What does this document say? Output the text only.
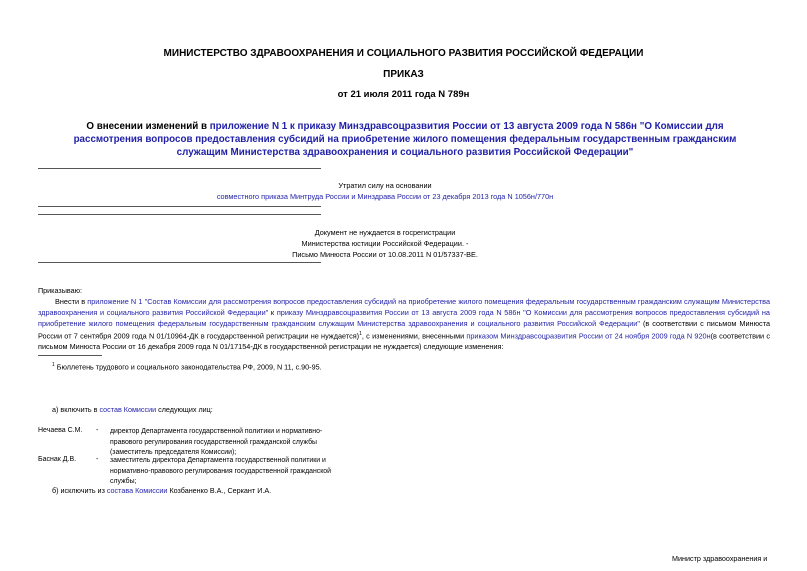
МИНИСТЕРСТВО ЗДРАВООХРАНЕНИЯ И СОЦИАЛЬНОГО РАЗВИТИЯ РОССИЙСКОЙ ФЕДЕРАЦИИ
ПРИКАЗ
от 21 июля 2011 года N 789н
О внесении изменений в приложение N 1 к приказу Минздравсоцразвития России от 13 августа 2009 года N 586н "О Комиссии для рассмотрения вопросов предоставления субсидий на приобретение жилого помещения федеральным государственным гражданским служащим Министерства здравоохранения и социального развития Российской Федерации"
Утратил силу на основании
совместного приказа Минтруда России и Минздрава России от 23 декабря 2013 года N 1056н/770н
Документ не нуждается в госрегистрации
Министерства юстиции Российской Федерации. -
Письмо Минюста России от 10.08.2011 N 01/57337-ВЕ.
Приказываю:
Внести в приложение N 1 "Состав Комиссии для рассмотрения вопросов предоставления субсидий на приобретение жилого помещения федеральным государственным гражданским служащим Министерства здравоохранения и социального развития Российской Федерации" к приказу Минздравсоцразвития России от 13 августа 2009 года N 586н "О Комиссии для рассмотрения вопросов предоставления субсидий на приобретение жилого помещения федеральным государственным гражданским служащим Министерства здравоохранения и социального развития Российской Федерации" (в соответствии с письмом Минюста России от 7 сентября 2009 года N 01/10964-ДК в государственной регистрации не нуждается)$^1$, с изменениями, внесенными приказом Минздравсоцразвития России от 24 ноября 2009 года N 920н(в соответствии с письмом Минюста России от 16 декабря 2009 года N 01/17154-ДК в государственной регистрации не нуждается) следующие изменения:
$^1$ Бюллетень трудового и социального законодательства РФ, 2009, N 11, с.90-95.
а) включить в состав Комиссии следующих лиц:
Нечаева С.М. - директор Департамента государственной политики и нормативно-правового регулирования государственной гражданской службы (заместитель председателя Комиссии);
Баснак Д.В.	- заместитель директора Департамента государственной политики и нормативно-правового регулирования государственной гражданской службы;
б) исключить из состава Комиссии Козбаненко В.А., Серкант И.А.
Министр здравоохранения и
